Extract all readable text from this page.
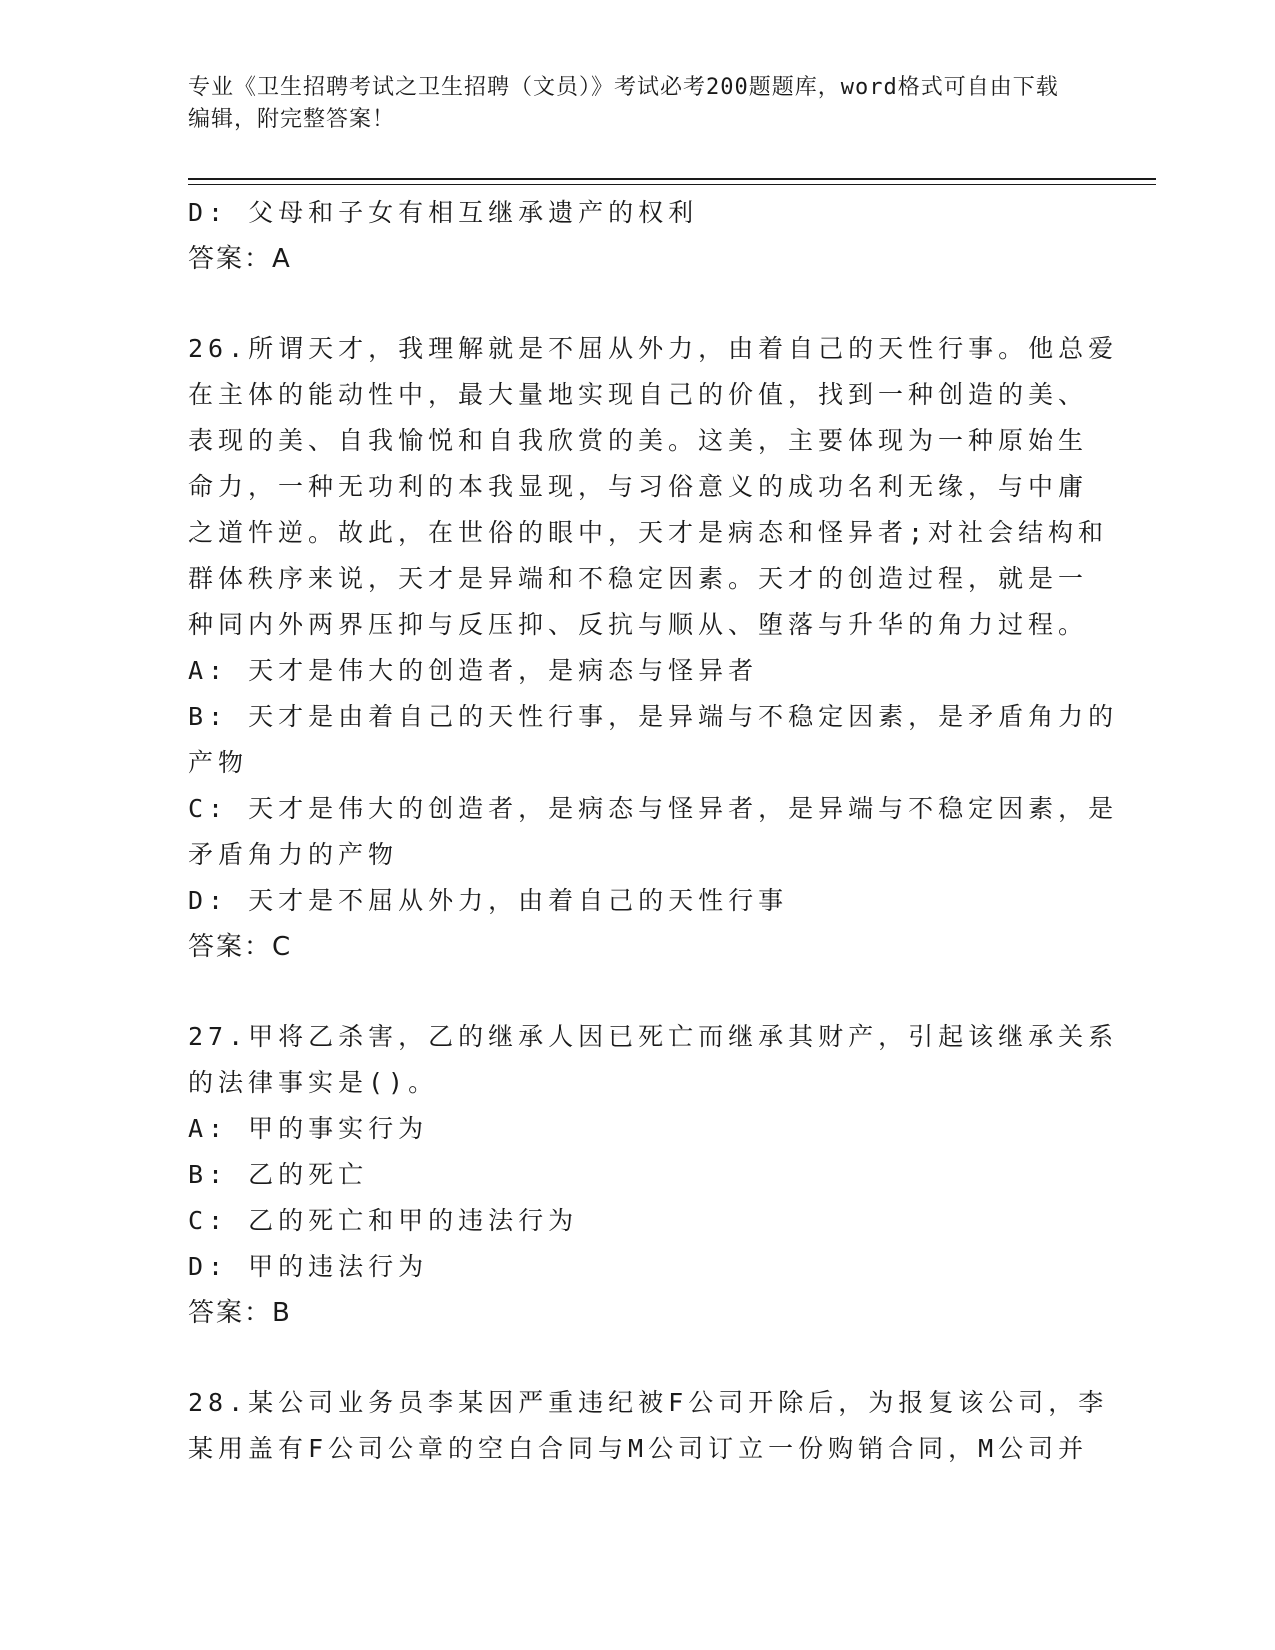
专业《卫生招聘考试之卫生招聘（文员）》考试必考200题题库，word格式可自由下载编辑，附完整答案！
D: 父母和子女有相互继承遗产的权利
答案：A
26.所谓天才，我理解就是不屈从外力，由着自己的天性行事。他总爱
在主体的能动性中，最大量地实现自己的价值，找到一种创造的美、
表现的美、自我愉悦和自我欣赏的美。这美，主要体现为一种原始生
命力，一种无功利的本我显现，与习俗意义的成功名利无缘，与中庸
之道忤逆。故此，在世俗的眼中，天才是病态和怪异者;对社会结构和
群体秩序来说，天才是异端和不稳定因素。天才的创造过程，就是一
种同内外两界压抑与反压抑、反抗与顺从、堕落与升华的角力过程。
A: 天才是伟大的创造者，是病态与怪异者
B: 天才是由着自己的天性行事，是异端与不稳定因素，是矛盾角力的
产物
C: 天才是伟大的创造者，是病态与怪异者，是异端与不稳定因素，是
矛盾角力的产物
D: 天才是不屈从外力，由着自己的天性行事
答案：C
27.甲将乙杀害，乙的继承人因已死亡而继承其财产，引起该继承关系
的法律事实是()。
A: 甲的事实行为
B: 乙的死亡
C: 乙的死亡和甲的违法行为
D: 甲的违法行为
答案：B
28.某公司业务员李某因严重违纪被F公司开除后，为报复该公司，李
某用盖有F公司公章的空白合同与M公司订立一份购销合同，M公司并
